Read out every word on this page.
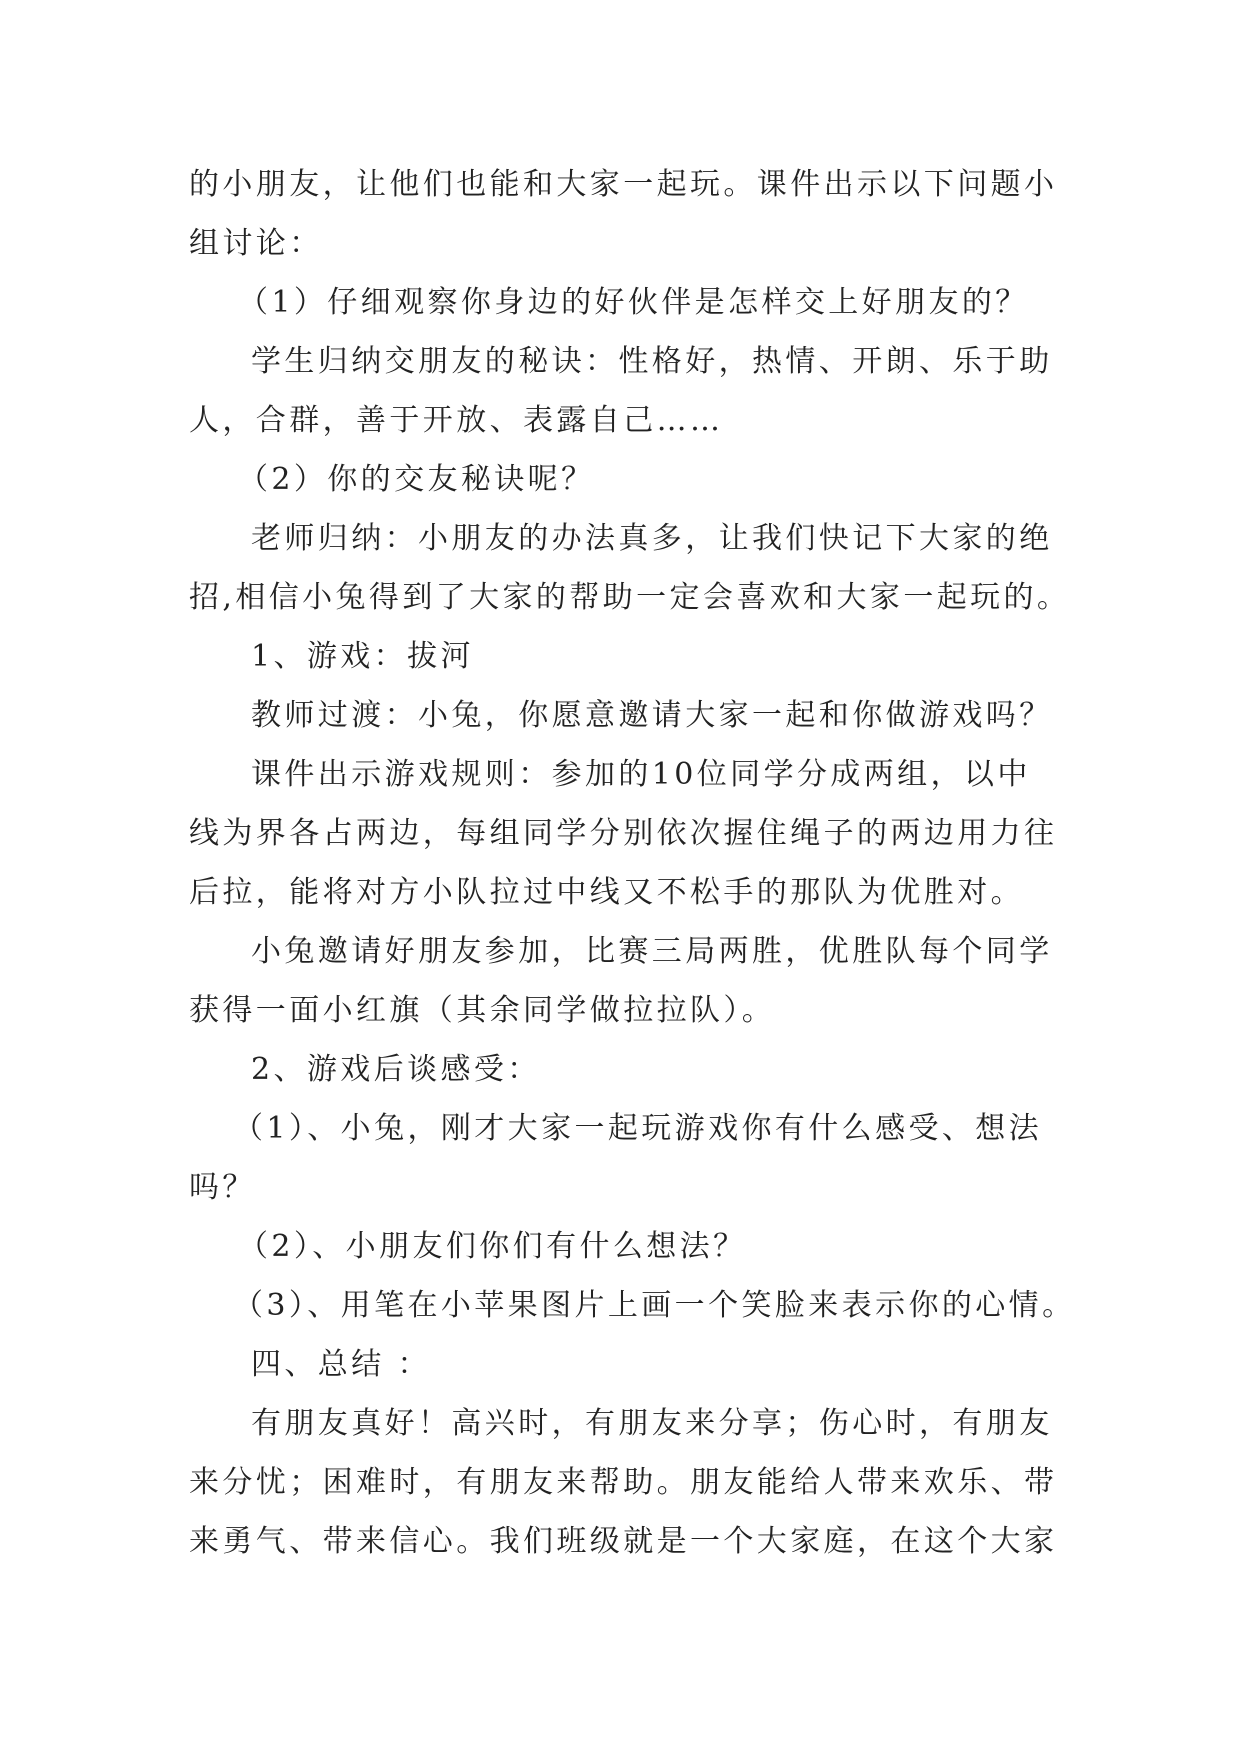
的小朋友，让他们也能和大家一起玩。课件出示以下问题小
组讨论：
（1）仔细观察你身边的好伙伴是怎样交上好朋友的？
学生归纳交朋友的秘诀：性格好，热情、开朗、乐于助
人，合群，善于开放、表露自己……
（2）你的交友秘诀呢？
老师归纳：小朋友的办法真多，让我们快记下大家的绝
招,相信小兔得到了大家的帮助一定会喜欢和大家一起玩的。
1、游戏：拔河
教师过渡：小兔，你愿意邀请大家一起和你做游戏吗？
课件出示游戏规则：参加的10位同学分成两组，以中
线为界各占两边，每组同学分别依次握住绳子的两边用力往
后拉，能将对方小队拉过中线又不松手的那队为优胜对。
小兔邀请好朋友参加，比赛三局两胜，优胜队每个同学
获得一面小红旗（其余同学做拉拉队）。
2、游戏后谈感受：
（1）、小兔，刚才大家一起玩游戏你有什么感受、想法
吗？
（2）、小朋友们你们有什么想法？
（3）、用笔在小苹果图片上画一个笑脸来表示你的心情。
四、总结 ：
有朋友真好！高兴时，有朋友来分享；伤心时，有朋友
来分忧；困难时，有朋友来帮助。朋友能给人带来欢乐、带
来勇气、带来信心。我们班级就是一个大家庭，在这个大家
